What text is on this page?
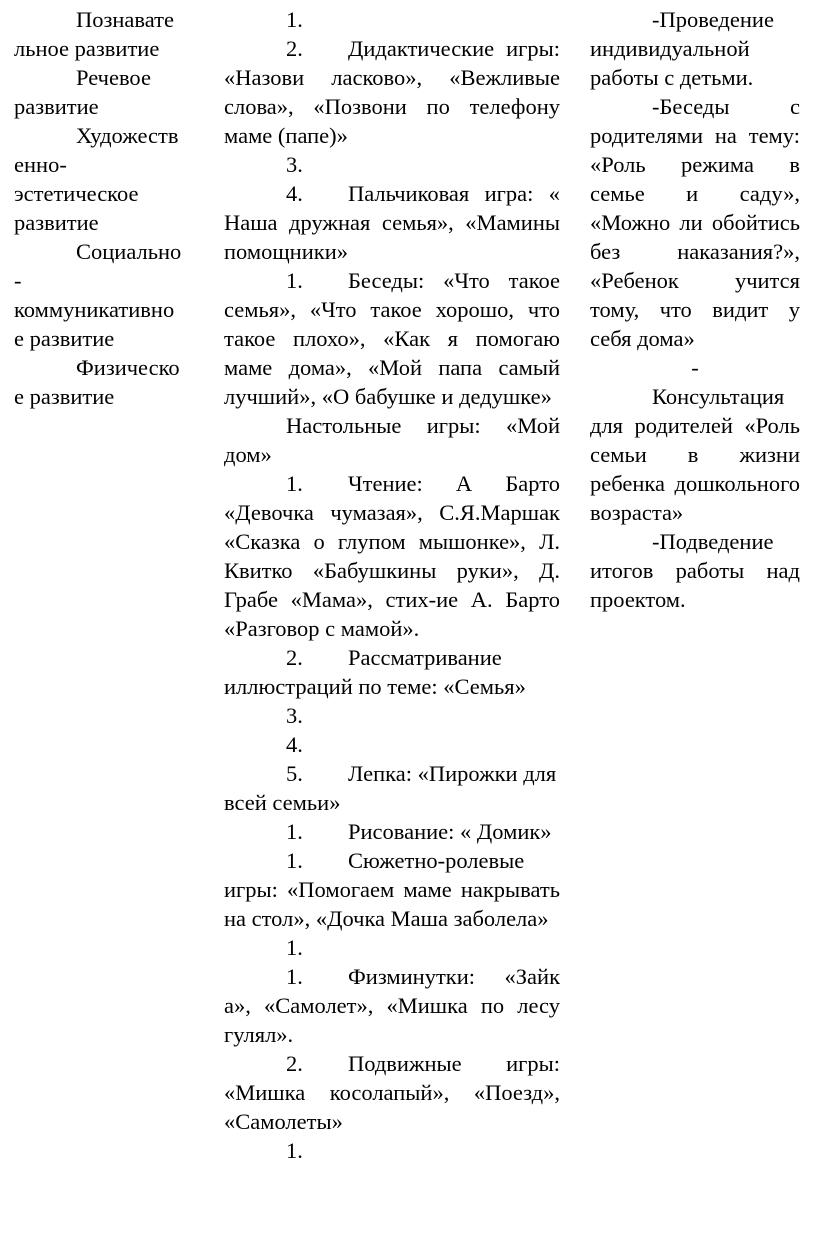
Познавате
льное развитие
Речевое
развитие
Художеств
енно-
эстетическое
развитие
Социально
-
коммуникативно
е развитие
Физическо
е развитие
1.
2. Дидактические игры: «Назови ласково», «Вежливые слова», «Позвони по телефону маме (папе)»
3.
4. Пальчиковая игра: « Наша дружная семья», «Мамины помощники»
1. Беседы: «Что такое семья», «Что такое хорошо, что такое плохо», «Как я помогаю маме дома», «Мой папа самый лучший», «О бабушке и дедушке»
Настольные игры: «Мой дом»
1. Чтение: А Барто «Девочка чумазая», С.Я.Маршак «Сказка о глупом мышонке», Л. Квитко «Бабушкины руки», Д. Грабе «Мама», стих-ие А. Барто «Разговор с мамой».
2. Рассматривание иллюстраций по теме: «Семья»
3.
4.
5. Лепка: «Пирожки для всей семьи»
1. Рисование: « Домик»
1. Сюжетно-ролевые игры: «Помогаем маме накрывать на стол», «Дочка Маша заболела»
1.
1. Физминутки: «Зайк а», «Самолет», «Мишка по лесу гулял».
2. Подвижные игры: «Мишка косолапый», «Поезд», «Самолеты»
1.
-Проведение индивидуальной работы с детьми.
-Беседы с родителями на тему: «Роль режима в семье и саду», «Можно ли обойтись без наказания?», «Ребенок учится тому, что видит у себя дома»
-
Консультация для родителей «Роль семьи в жизни ребенка дошкольного возраста»
-Подведение итогов работы над проектом.
